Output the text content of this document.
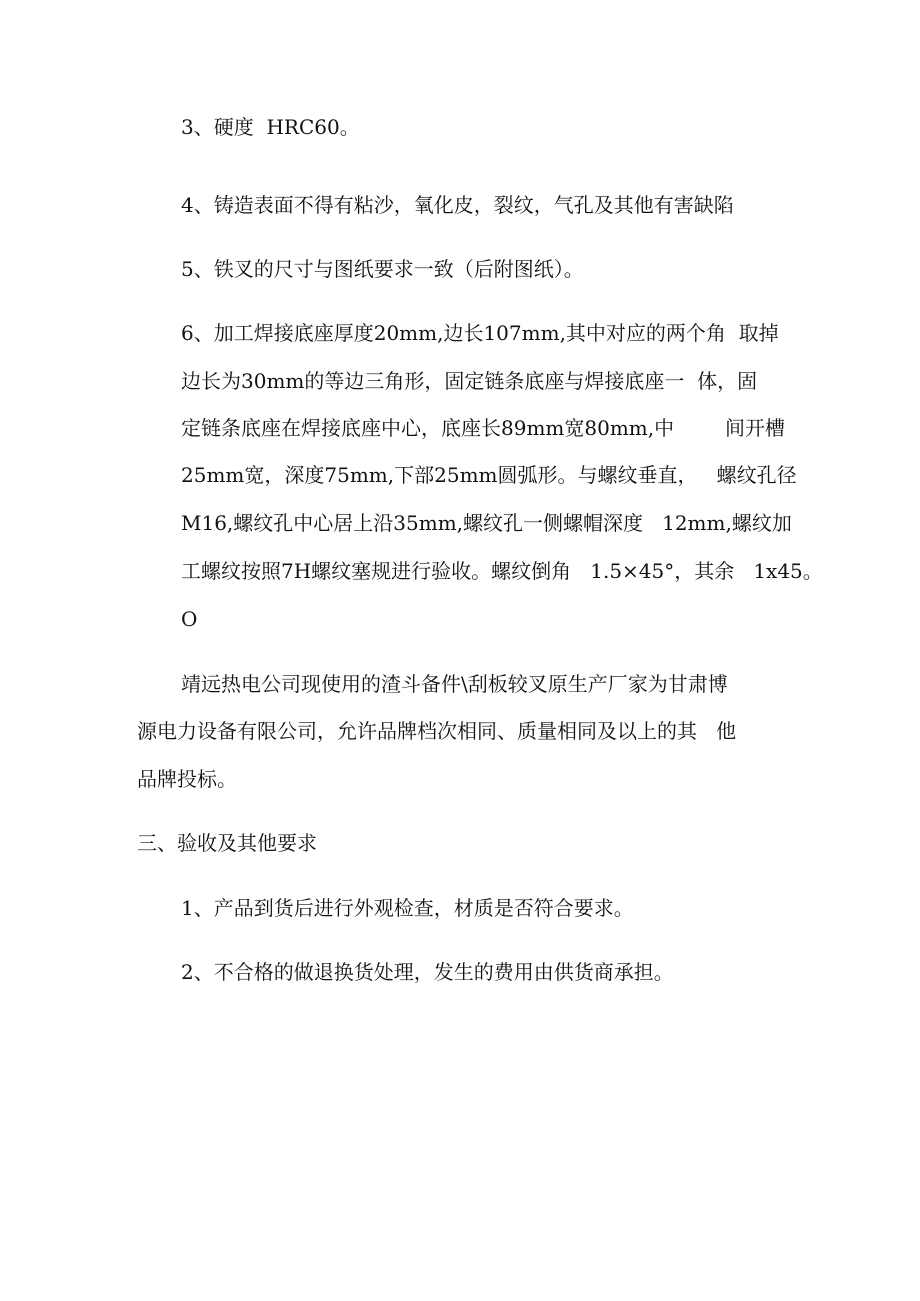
3、硬度  HRC60。

4、铸造表面不得有粘沙，氧化皮，裂纹，气孔及其他有害缺陷

5、铁叉的尺寸与图纸要求一致（后附图纸）。

6、加工焊接底座厚度20mm,边长107mm,其中对应的两个角  取掉

边长为30mm的等边三角形，固定链条底座与焊接底座一  体，固

定链条底座在焊接底座中心，底座长89mm宽80mm,中        间开槽

25mm宽，深度75mm,下部25mm圆弧形。与螺纹垂直，   螺纹孔径

M16,螺纹孔中心居上沿35mm,螺纹孔一侧螺帽深度   12mm,螺纹加

工螺纹按照7H螺纹塞规进行验收。螺纹倒角   1.5×45°，其余   1x45。

O

靖远热电公司现使用的渣斗备件\刮板较叉原生产厂家为甘肃博

源电力设备有限公司，允许品牌档次相同、质量相同及以上的其   他

品牌投标。

三、验收及其他要求

1、产品到货后进行外观检查，材质是否符合要求。

2、不合格的做退换货处理，发生的费用由供货商承担。
